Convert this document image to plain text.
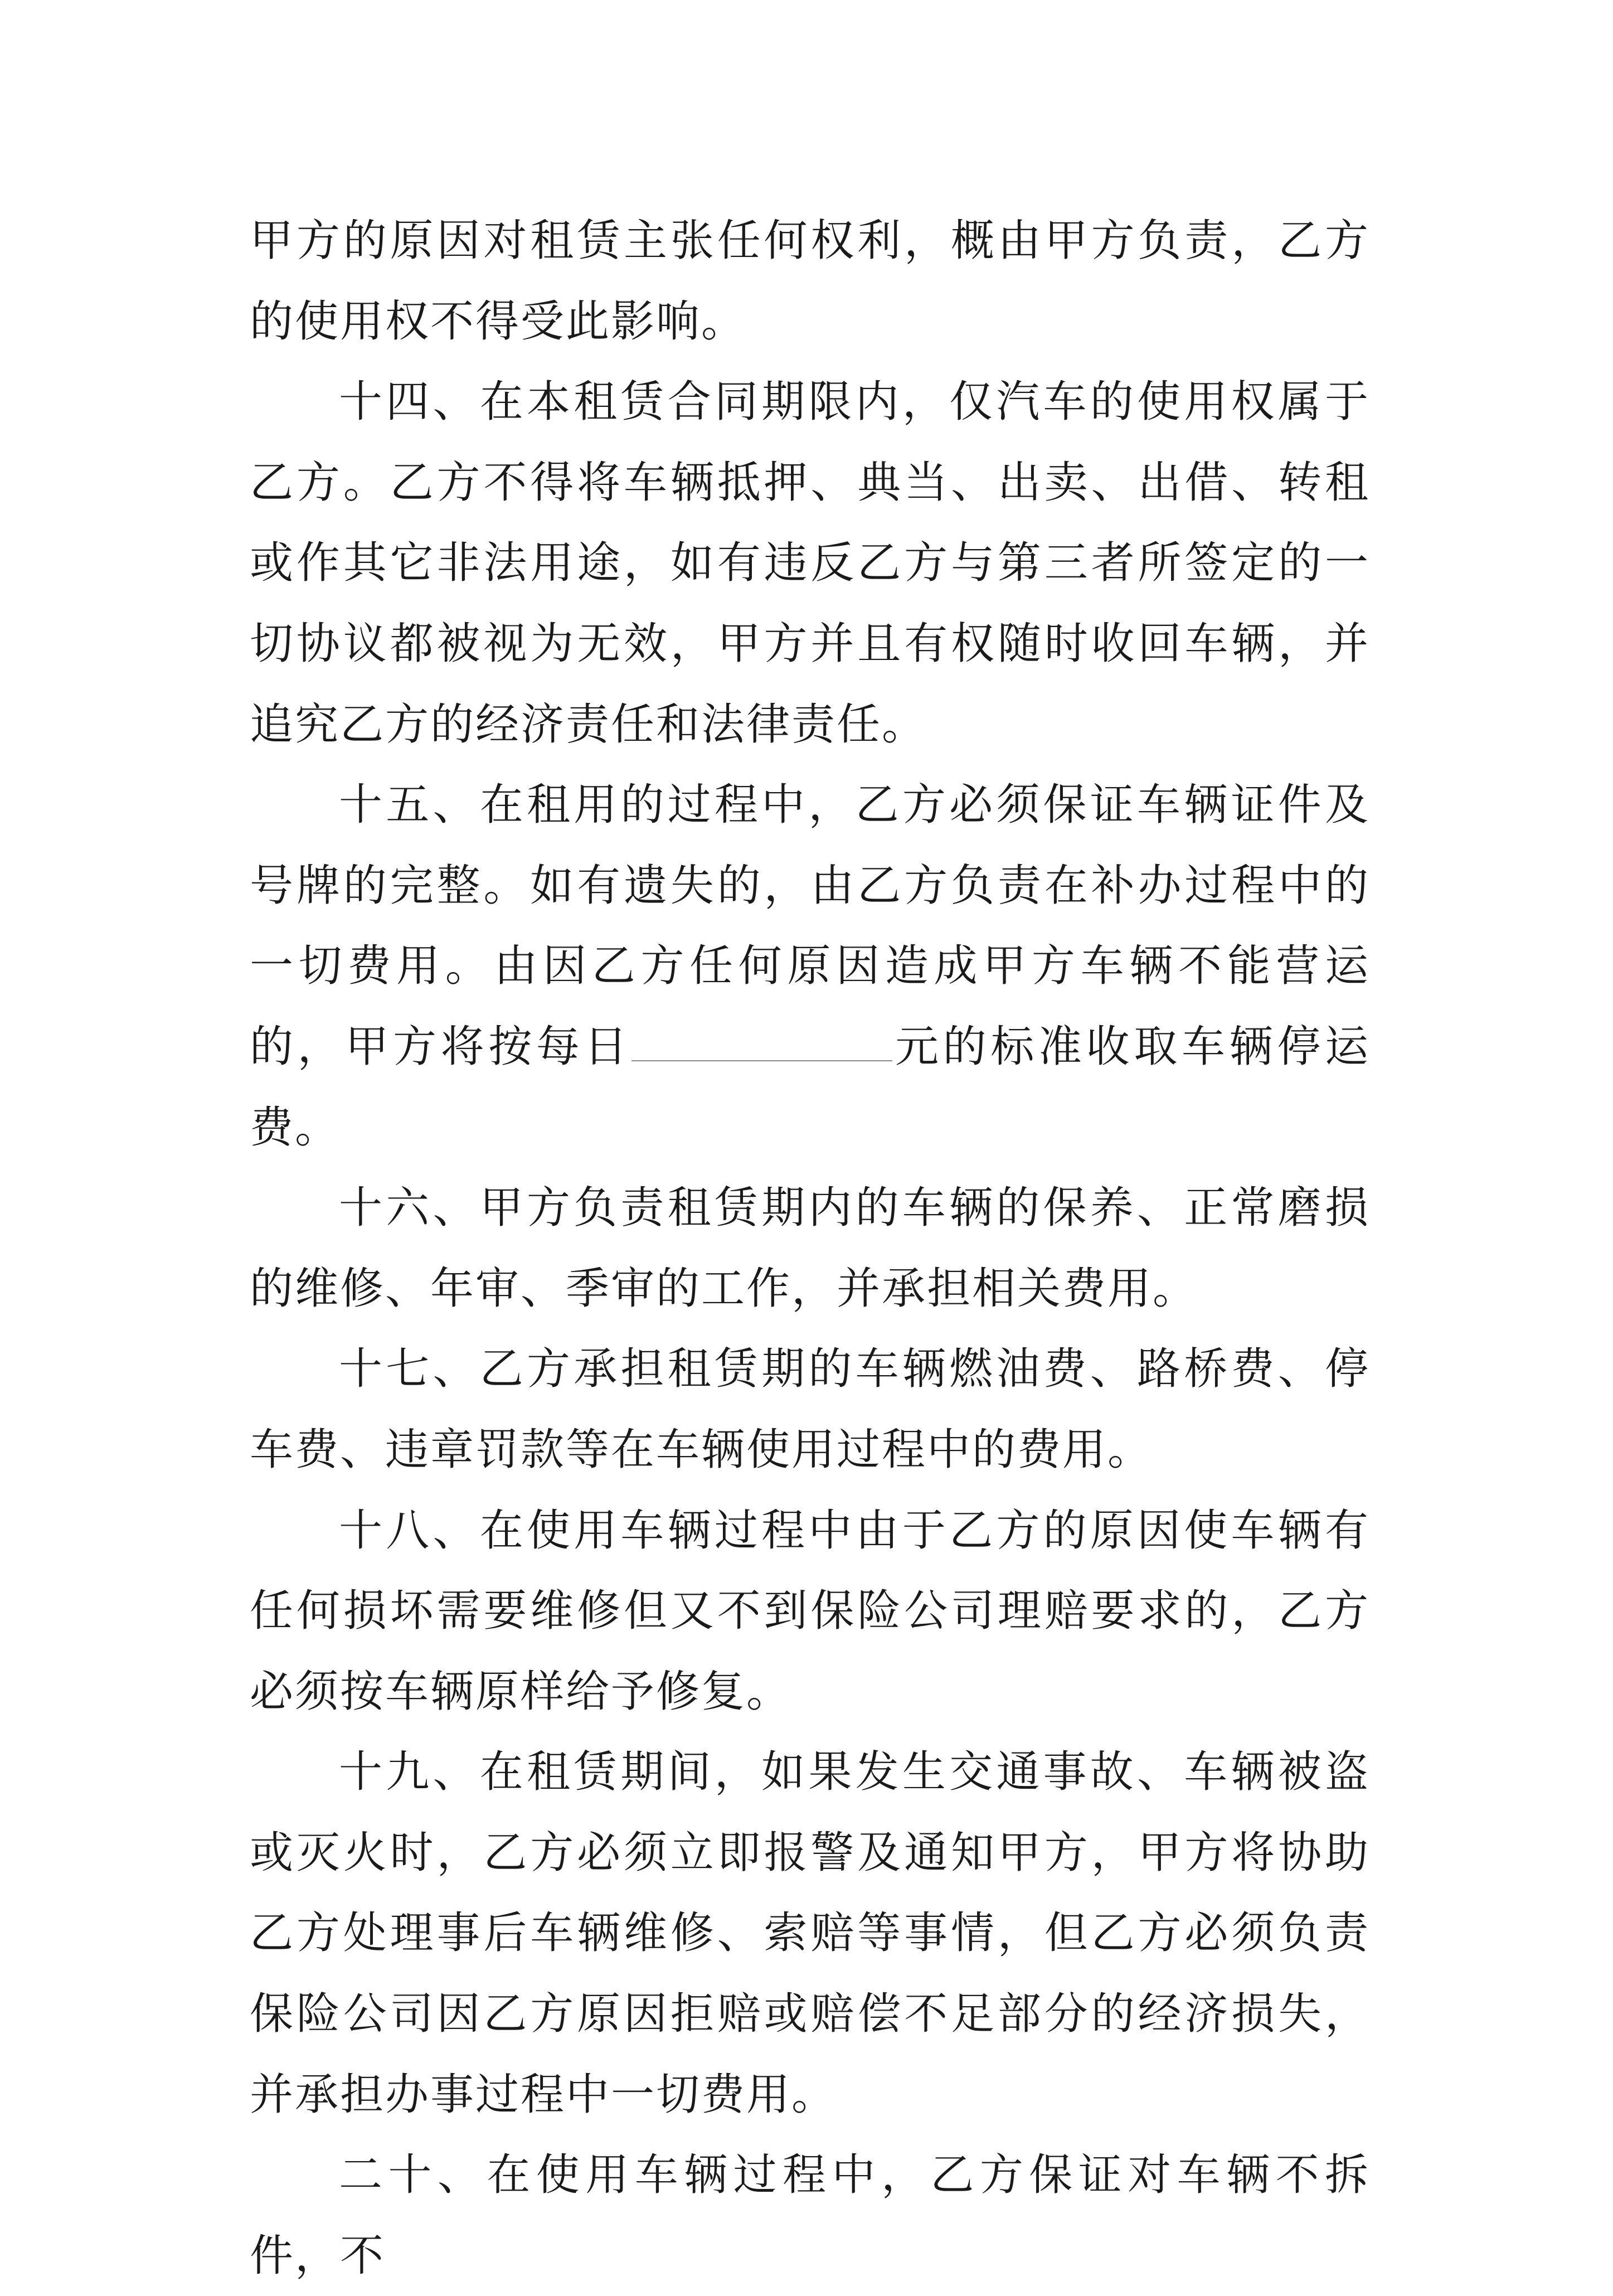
甲方的原因对租赁主张任何权利，概由甲方负责，乙方的使用权不得受此影响。

十四、在本租赁合同期限内，仅汽车的使用权属于乙方。乙方不得将车辆抵押、典当、出卖、出借、转租或作其它非法用途，如有违反乙方与第三者所签定的一切协议都被视为无效，甲方并且有权随时收回车辆，并追究乙方的经济责任和法律责任。

十五、在租用的过程中，乙方必须保证车辆证件及号牌的完整。如有遗失的，由乙方负责在补办过程中的一切费用。由因乙方任何原因造成甲方车辆不能营运的，甲方将按每日	元的标准收取车辆停运费。

十六、甲方负责租赁期内的车辆的保养、正常磨损的维修、年审、季审的工作，并承担相关费用。

十七、乙方承担租赁期的车辆燃油费、路桥费、停车费、违章罚款等在车辆使用过程中的费用。

十八、在使用车辆过程中由于乙方的原因使车辆有任何损坏需要维修但又不到保险公司理赔要求的，乙方必须按车辆原样给予修复。

十九、在租赁期间，如果发生交通事故、车辆被盗或灭火时，乙方必须立即报警及通知甲方，甲方将协助乙方处理事后车辆维修、索赔等事情，但乙方必须负责保险公司因乙方原因拒赔或赔偿不足部分的经济损失，并承担办事过程中一切费用。

二十、在使用车辆过程中，乙方保证对车辆不拆件，不
